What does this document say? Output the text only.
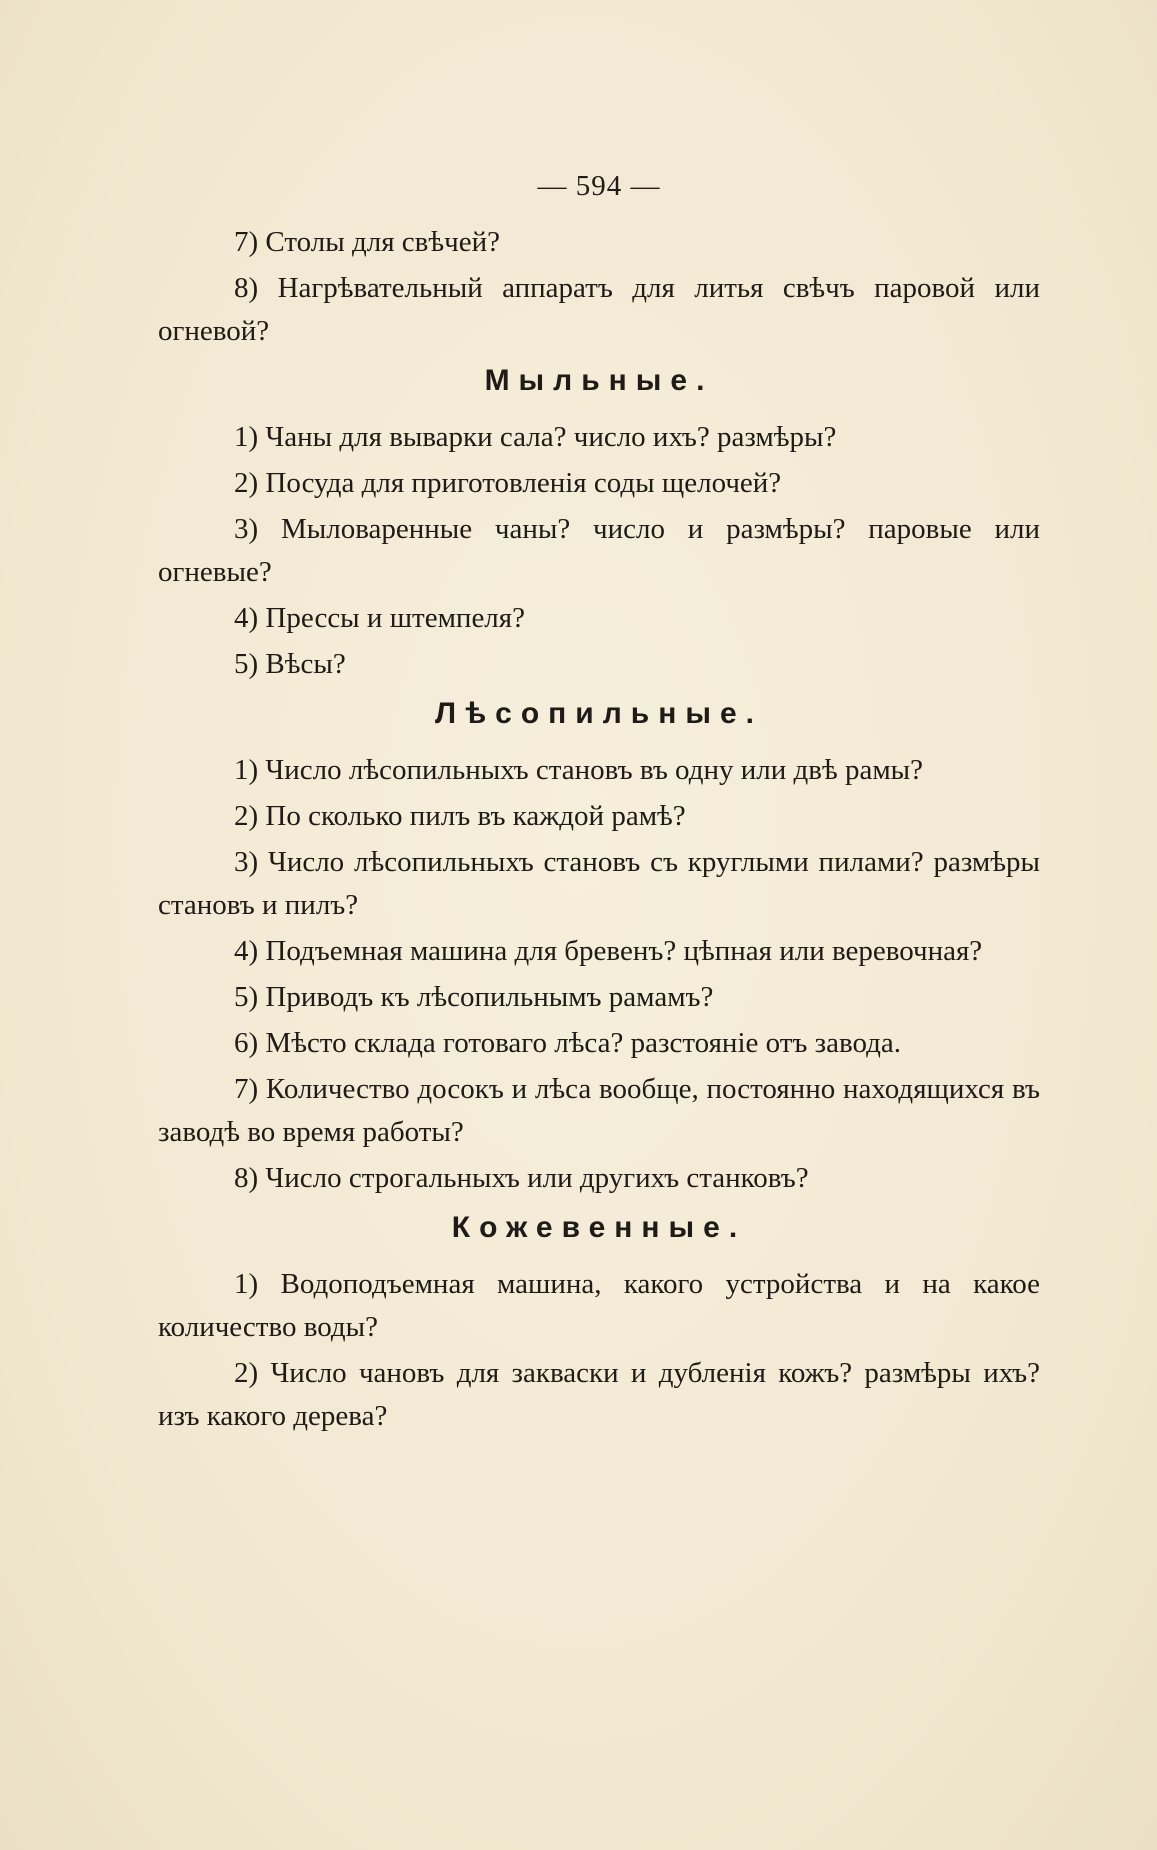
— 594 —

7) Столы для свѣчей?

8) Нагрѣвательный аппаратъ для литья свѣчъ паровой или огневой?

Мыльные.

1) Чаны для выварки сала? число ихъ? размѣры?

2) Посуда для приготовленія соды щелочей?

3) Мыловаренные чаны? число и размѣры? паровые или огневые?

4) Прессы и штемпеля?

5) Вѣсы?

Лѣсопильные.

1) Число лѣсопильныхъ становъ въ одну или двѣ рамы?

2) По сколько пилъ въ каждой рамѣ?

3) Число лѣсопильныхъ становъ съ круглыми пилами? размѣры становъ и пилъ?

4) Подъемная машина для бревенъ? цѣпная или веревочная?

5) Приводъ къ лѣсопильнымъ рамамъ?

6) Мѣсто склада готоваго лѣса? разстояніе отъ завода.

7) Количество досокъ и лѣса вообще, постоянно находящихся въ заводѣ во время работы?

8) Число строгальныхъ или другихъ станковъ?

Кожевенные.

1) Водоподъемная машина, какого устройства и на какое количество воды?

2) Число чановъ для закваски и дубленія кожъ? размѣры ихъ? изъ какого дерева?
